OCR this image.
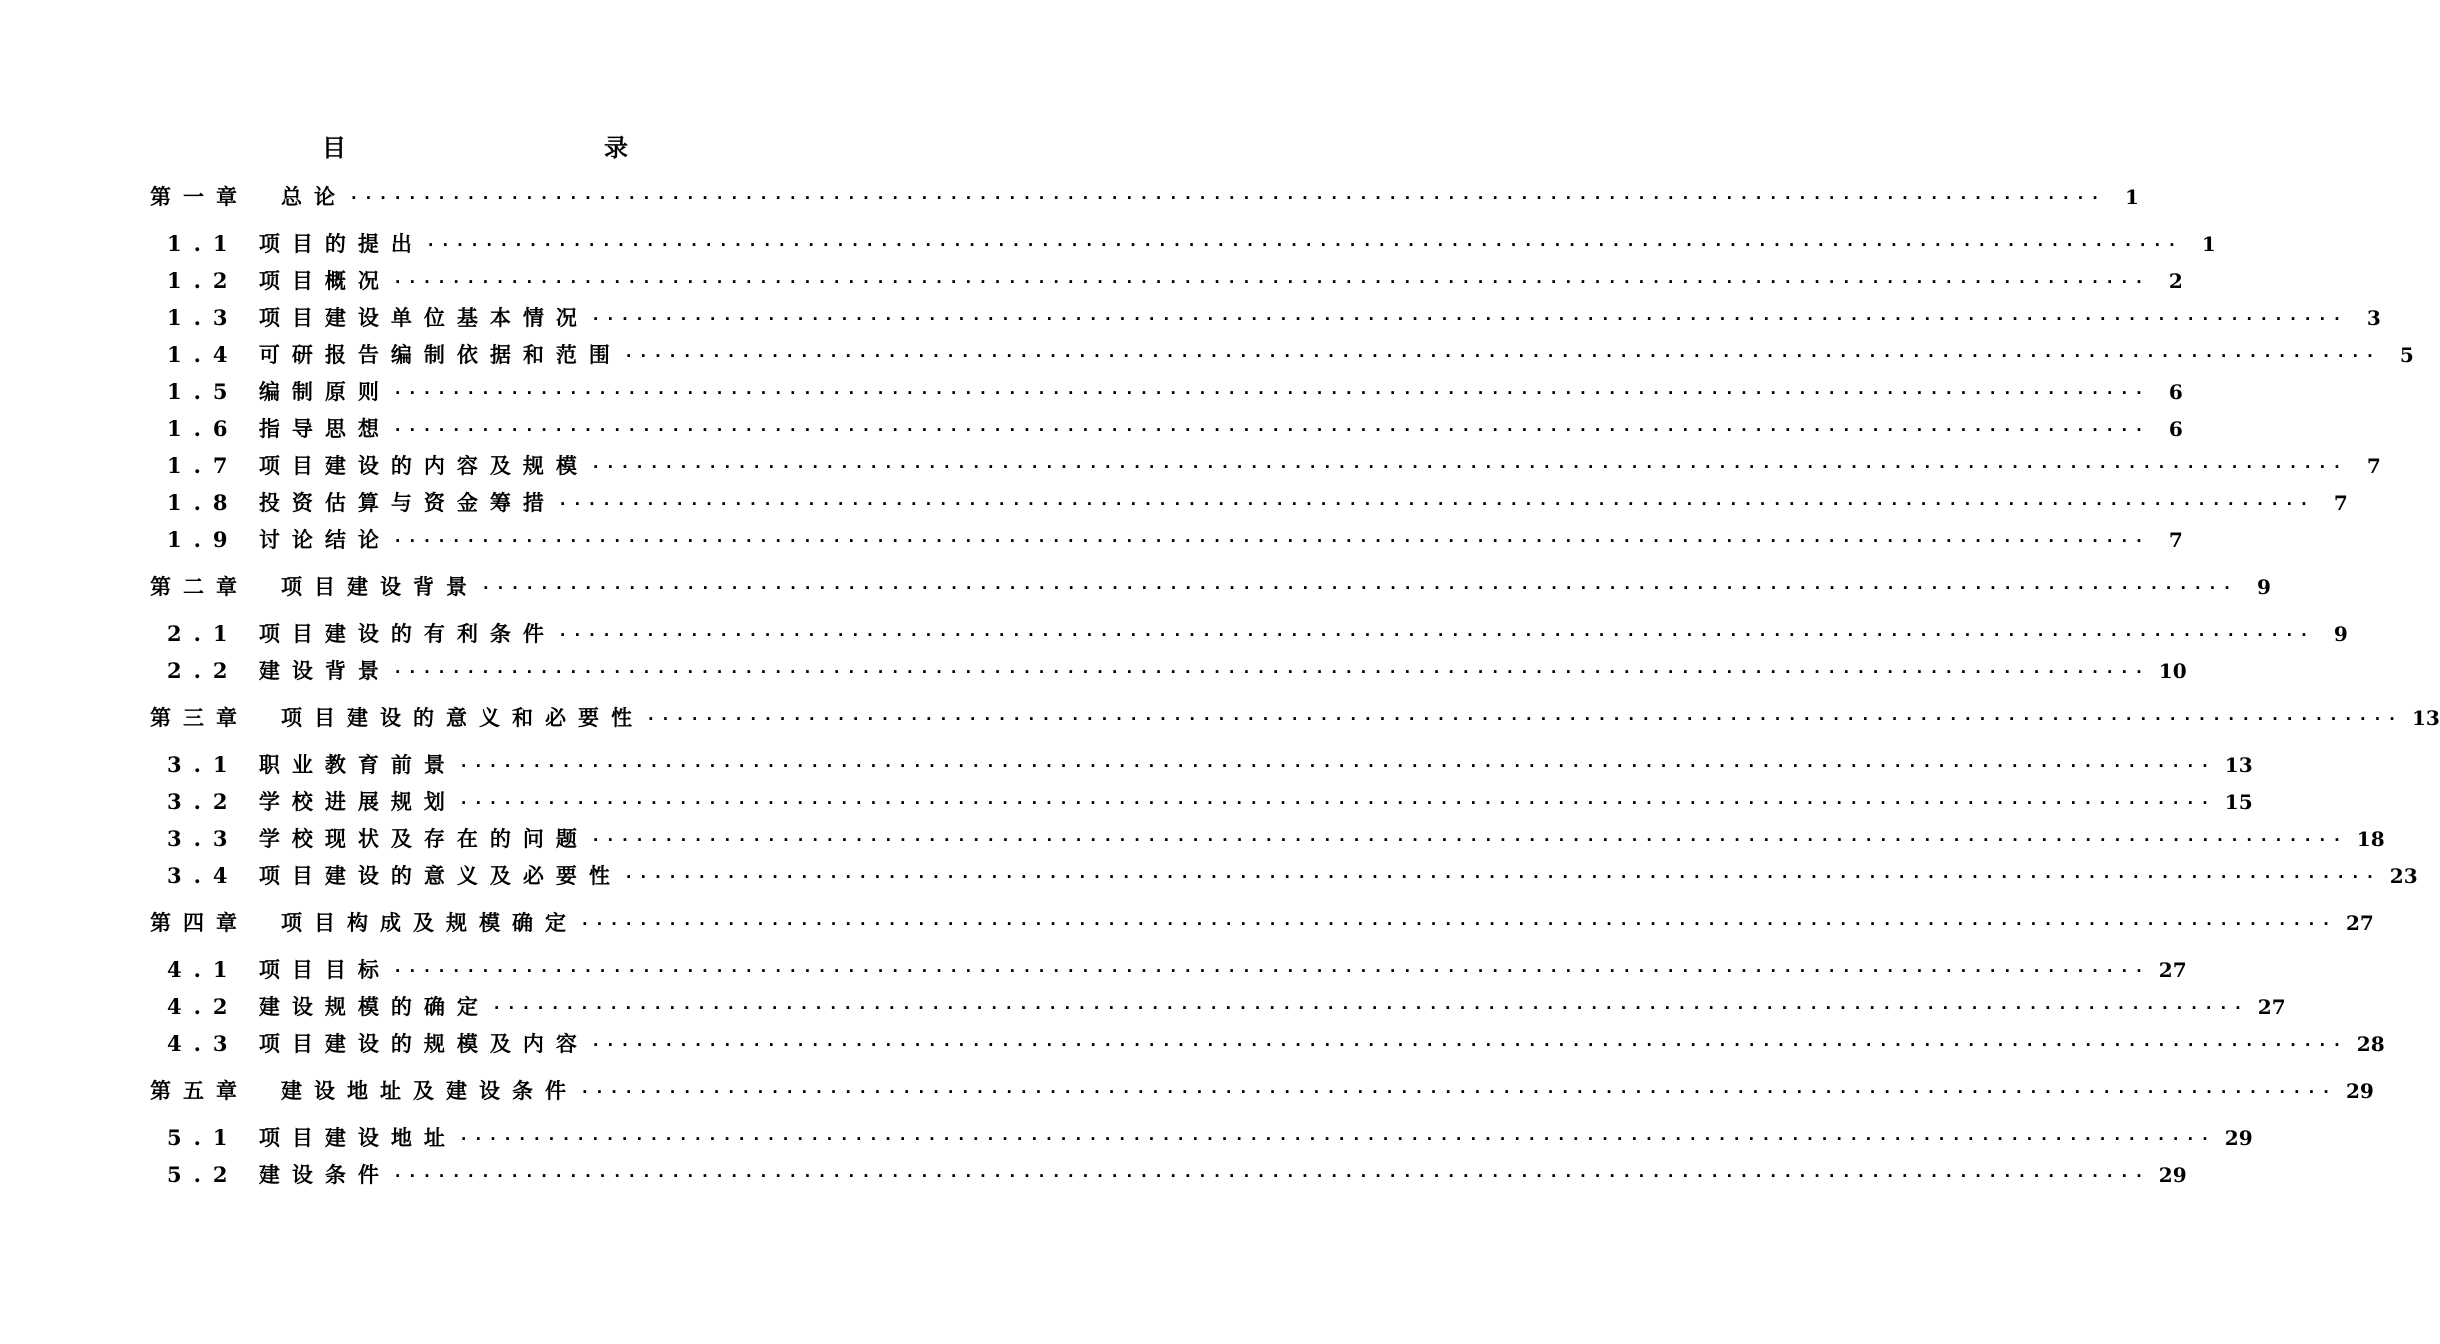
目　　录
第一章 总论 ........................................................................................................................	1
1.1 项目的提出 ........................................................................................................................	1
1.2 项目概况 ........................................................................................................................	2
1.3 项目建设单位基本情况 ........................................................................................................................	3
1.4 可研报告编制依据和范围 ........................................................................................................................	5
1.5 编制原则 ........................................................................................................................	6
1.6 指导思想 ........................................................................................................................	6
1.7 项目建设的内容及规模 ........................................................................................................................	7
1.8 投资估算与资金筹措 ........................................................................................................................	7
1.9 讨论结论 ........................................................................................................................	7
第二章 项目建设背景 ........................................................................................................................	9
2.1 项目建设的有利条件 ........................................................................................................................	9
2.2 建设背景 ........................................................................................................................ 10
第三章 项目建设的意义和必要性 ........................................................................................................................ 13
3.1 职业教育前景 ........................................................................................................................ 13
3.2 学校进展规划 ........................................................................................................................ 15
3.3 学校现状及存在的问题 ........................................................................................................................ 18
3.4 项目建设的意义及必要性 ........................................................................................................................ 23
第四章 项目构成及规模确定 ........................................................................................................................ 27
4.1 项目目标 ........................................................................................................................ 27
4.2 建设规模的确定 ........................................................................................................................ 27
4.3 项目建设的规模及内容 ........................................................................................................................ 28
第五章 建设地址及建设条件 ........................................................................................................................ 29
5.1 项目建设地址 ........................................................................................................................ 29
5.2 建设条件 ........................................................................................................................ 29
